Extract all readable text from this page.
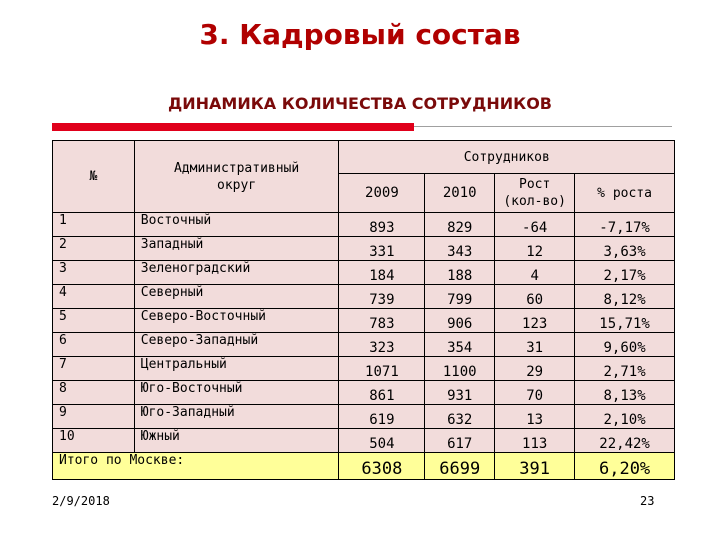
3. Кадровый состав
ДИНАМИКА КОЛИЧЕСТВА СОТРУДНИКОВ
№	Административный округ	Сотрудников			
		2009	2010	Рост (кол-во)	% роста
1	Восточный	893	829	-64	-7,17%
2	Западный	331	343	12	3,63%
3	Зеленоградский	184	188	4	2,17%
4	Северный	739	799	60	8,12%
5	Северо-Восточный	783	906	123	15,71%
6	Северо-Западный	323	354	31	9,60%
7	Центральный	1071	1100	29	2,71%
8	Юго-Восточный	861	931	70	8,13%
9	Юго-Западный	619	632	13	2,10%
10	Южный	504	617	113	22,42%
Итого по Москве:		6308	6699	391	6,20%
2/9/2018	23
